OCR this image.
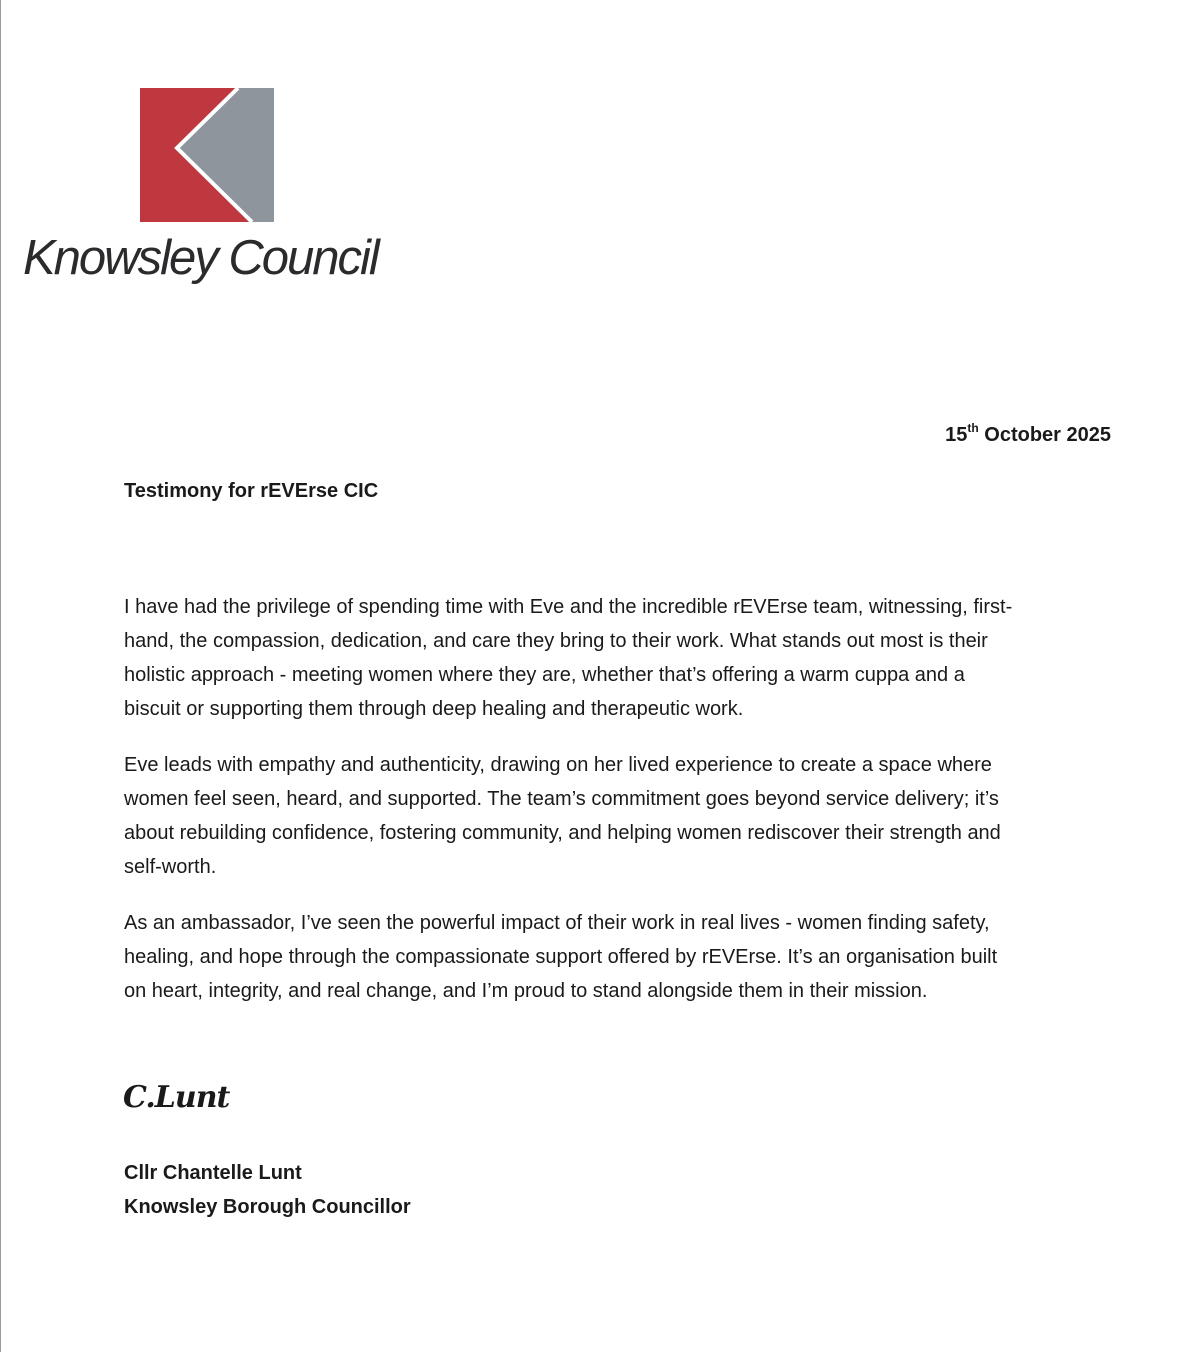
Knowsley Council
15th October 2025
Testimony for rEVErse CIC

I have had the privilege of spending time with Eve and the incredible rEVErse team, witnessing, first-
hand, the compassion, dedication, and care they bring to their work. What stands out most is their
holistic approach - meeting women where they are, whether that’s offering a warm cuppa and a
biscuit or supporting them through deep healing and therapeutic work.

Eve leads with empathy and authenticity, drawing on her lived experience to create a space where
women feel seen, heard, and supported. The team’s commitment goes beyond service delivery; it’s
about rebuilding confidence, fostering community, and helping women rediscover their strength and
self-worth.

As an ambassador, I’ve seen the powerful impact of their work in real lives - women finding safety,
healing, and hope through the compassionate support offered by rEVErse. It’s an organisation built
on heart, integrity, and real change, and I’m proud to stand alongside them in their mission.

C.Lunt
Cllr Chantelle Lunt
Knowsley Borough Councillor
